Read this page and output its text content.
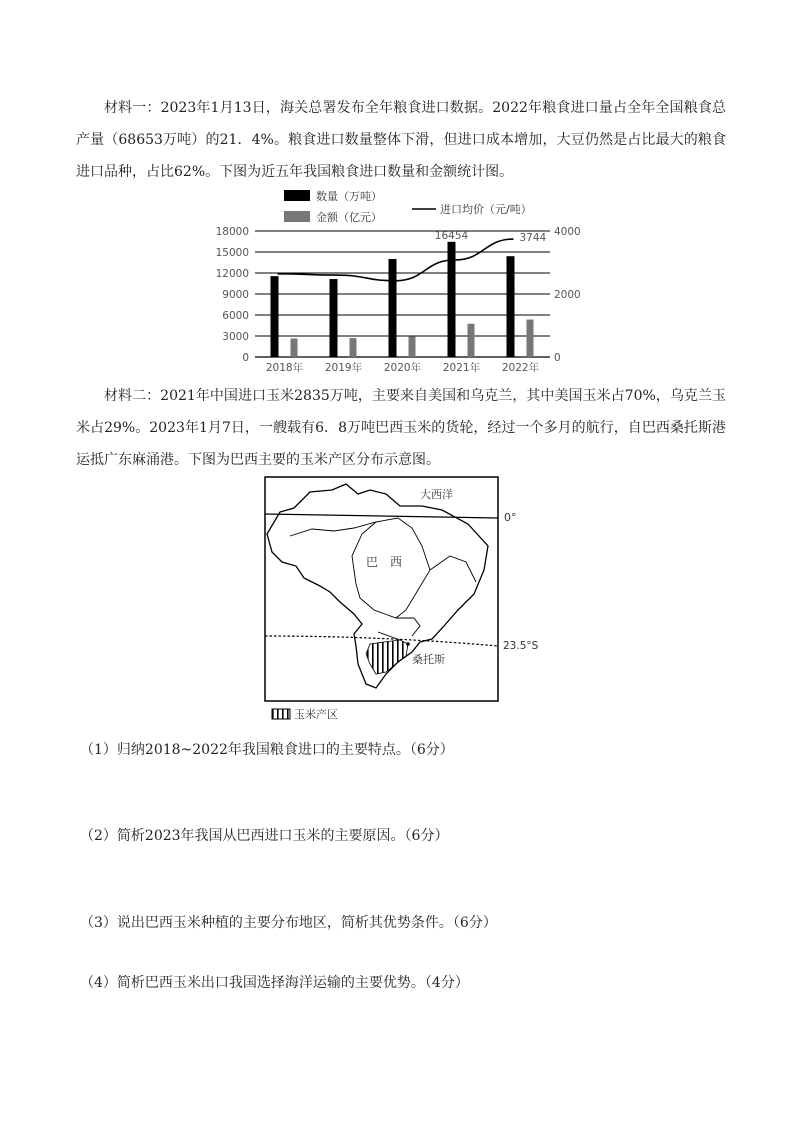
材料一：2023年1月13日，海关总署发布全年粮食进口数据。2022年粮食进口量占全年全国粮食总产量（68653万吨）的21．4%。粮食进口数量整体下滑，但进口成本增加，大豆仍然是占比最大的粮食进口品种，占比62%。下图为近五年我国粮食进口数量和金额统计图。
数量（万吨）
金额（亿元）
进口均价（元/吨）
18000
15000
12000
9000
6000
3000
0
4000
2000
0
2018年 2019年 2020年 2021年 2022年
16454	3744
材料二：2021年中国进口玉米2835万吨，主要来自美国和乌克兰，其中美国玉米占70%，乌克兰玉米占29%。2023年1月7日，一艘载有6．8万吨巴西玉米的货轮，经过一个多月的航行，自巴西桑托斯港运抵广东麻涌港。下图为巴西主要的玉米产区分布示意图。
0°
23.5°S
大西洋
巴　西
桑托斯
玉米产区
（1）归纳2018~2022年我国粮食进口的主要特点。（6分）
（2）简析2023年我国从巴西进口玉米的主要原因。（6分）
（3）说出巴西玉米种植的主要分布地区，简析其优势条件。（6分）
（4）简析巴西玉米出口我国选择海洋运输的主要优势。（4分）
